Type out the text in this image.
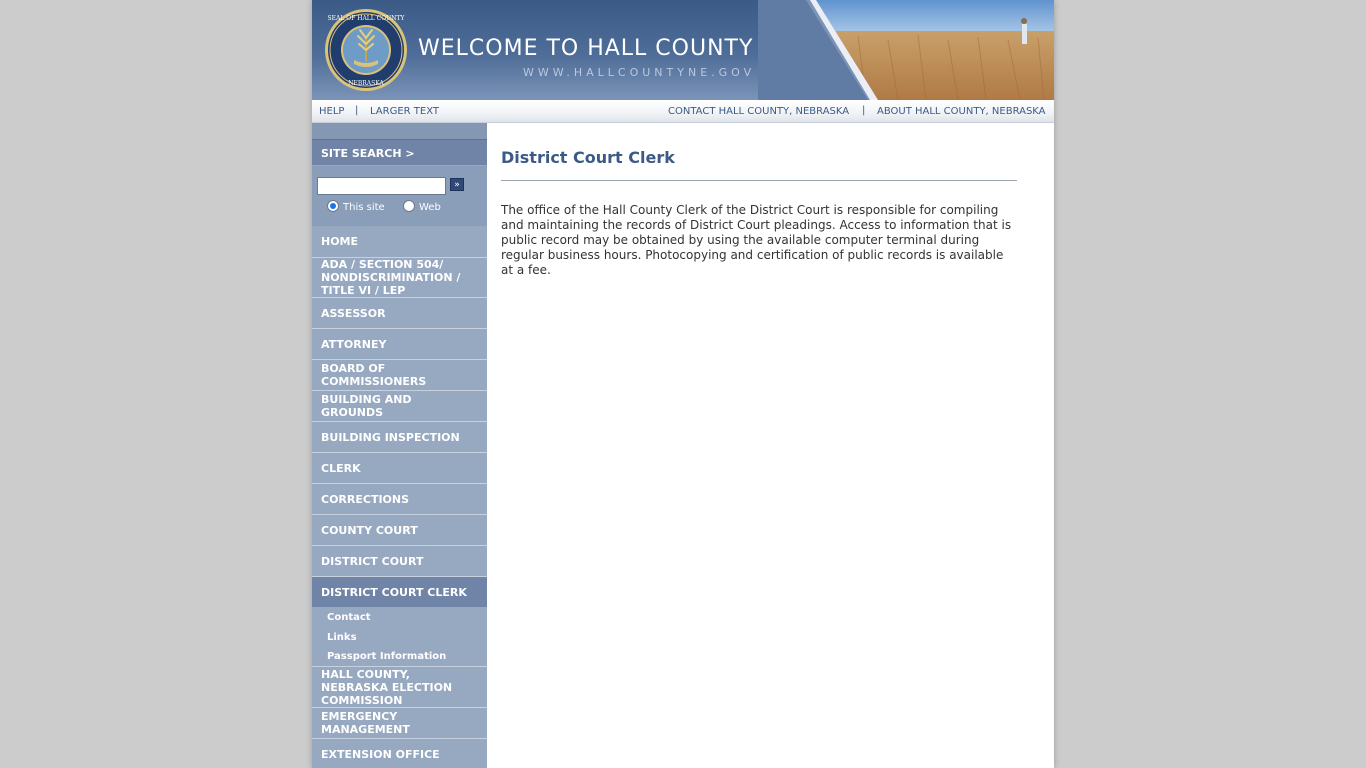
SEAL OF HALL COUNTY
NEBRASKA
WELCOME TO HALL COUNTY
WWW.HALLCOUNTYNE.GOV
HELP | LARGER TEXT	CONTACT HALL COUNTY, NEBRASKA | ABOUT HALL COUNTY, NEBRASKA
SITE SEARCH >
»
This site	Web
HOME
ADA / SECTION 504/ NONDISCRIMINATION / TITLE VI / LEP
ASSESSOR
ATTORNEY
BOARD OF COMMISSIONERS
BUILDING AND GROUNDS
BUILDING INSPECTION
CLERK
CORRECTIONS
COUNTY COURT
DISTRICT COURT
DISTRICT COURT CLERK
Contact
Links
Passport Information
HALL COUNTY, NEBRASKA ELECTION COMMISSION
EMERGENCY MANAGEMENT
EXTENSION OFFICE
District Court Clerk

The office of the Hall County Clerk of the District Court is responsible for compiling and maintaining the records of District Court pleadings. Access to information that is public record may be obtained by using the available computer terminal during regular business hours. Photocopying and certification of public records is available at a fee.
